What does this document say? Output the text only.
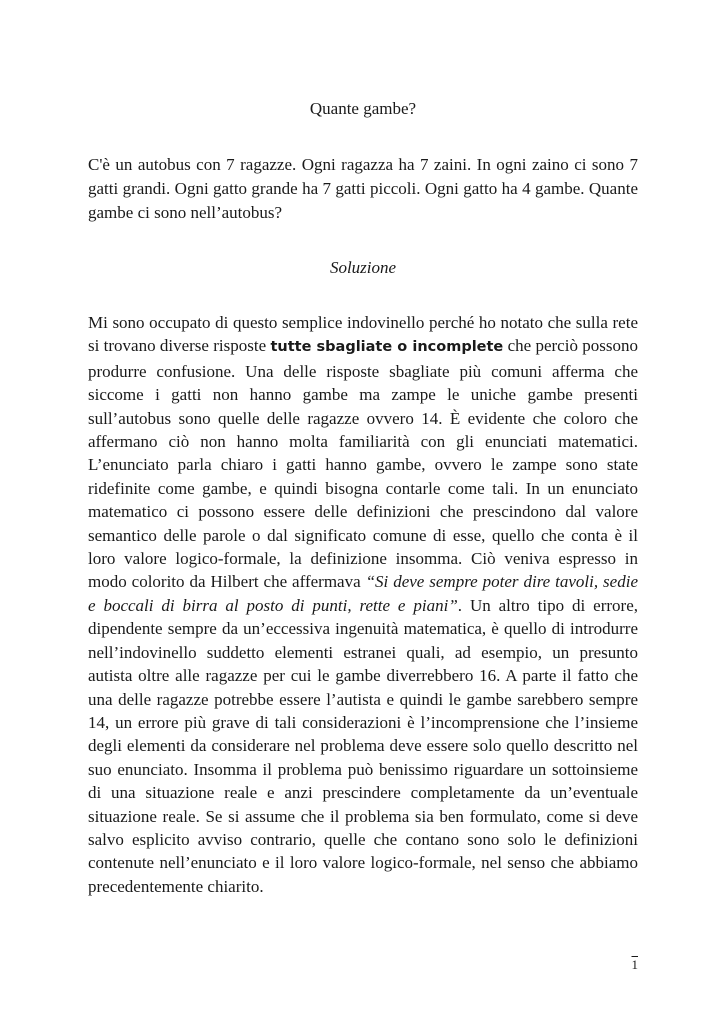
Quante gambe?

C'è un autobus con 7 ragazze. Ogni ragazza ha 7 zaini. In ogni zaino ci sono 7 gatti grandi. Ogni gatto grande ha 7 gatti piccoli. Ogni gatto ha 4 gambe. Quante gambe ci sono nell’autobus?

Soluzione

Mi sono occupato di questo semplice indovinello perché ho notato che sulla rete si trovano diverse risposte tutte sbagliate o incomplete che perciò possono produrre confusione. Una delle risposte sbagliate più comuni afferma che siccome i gatti non hanno gambe ma zampe le uniche gambe presenti sull’autobus sono quelle delle ragazze ovvero 14. È evidente che coloro che affermano ciò non hanno molta familiarità con gli enunciati matematici. L’enunciato parla chiaro i gatti hanno gambe, ovvero le zampe sono state ridefinite come gambe, e quindi bisogna contarle come tali. In un enunciato matematico ci possono essere delle definizioni che prescindono dal valore semantico delle parole o dal significato comune di esse, quello che conta è il loro valore logico-formale, la definizione insomma. Ciò veniva espresso in modo colorito da Hilbert che affermava “Si deve sempre poter dire tavoli, sedie e boccali di birra al posto di punti, rette e piani”. Un altro tipo di errore, dipendente sempre da un’eccessiva ingenuità matematica, è quello di introdurre nell’indovinello suddetto elementi estranei quali, ad esempio, un presunto autista oltre alle ragazze per cui le gambe diverrebbero 16. A parte il fatto che una delle ragazze potrebbe essere l’autista e quindi le gambe sarebbero sempre 14, un errore più grave di tali considerazioni è l’incomprensione che l’insieme degli elementi da considerare nel problema deve essere solo quello descritto nel suo enunciato. Insomma il problema può benissimo riguardare un sottoinsieme di una situazione reale e anzi prescindere completamente da un’eventuale situazione reale. Se si assume che il problema sia ben formulato, come si deve salvo esplicito avviso contrario, quelle che contano sono solo le definizioni contenute nell’enunciato e il loro valore logico-formale, nel senso che abbiamo precedentemente chiarito.

1
